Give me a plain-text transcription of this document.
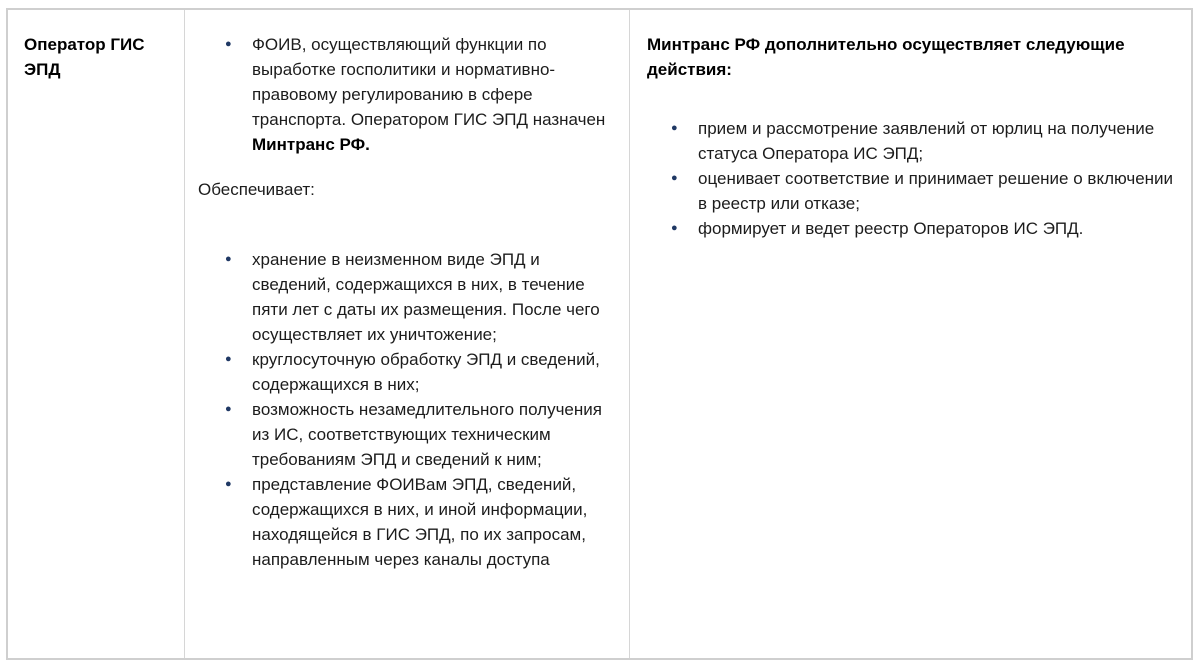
Оператор ГИС ЭПД
● ФОИВ, осуществляющий функции по выработке госполитики и нормативно-правовому регулированию в сфере транспорта. Оператором ГИС ЭПД назначен Минтранс РФ.

Обеспечивает:

● хранение в неизменном виде ЭПД и сведений, содержащихся в них, в течение пяти лет с даты их размещения. После чего осуществляет их уничтожение;
● круглосуточную обработку ЭПД и сведений, содержащихся в них;
● возможность незамедлительного получения из ИС, соответствующих техническим требованиям ЭПД и сведений к ним;
● представление ФОИВам ЭПД, сведений, содержащихся в них, и иной информации, находящейся в ГИС ЭПД, по их запросам, направленным через каналы доступа

Минтранс РФ дополнительно осуществляет следующие действия:

● прием и рассмотрение заявлений от юрлиц на получение статуса Оператора ИС ЭПД;
● оценивает соответствие и принимает решение о включении в реестр или отказе;
● формирует и ведет реестр Операторов ИС ЭПД.
